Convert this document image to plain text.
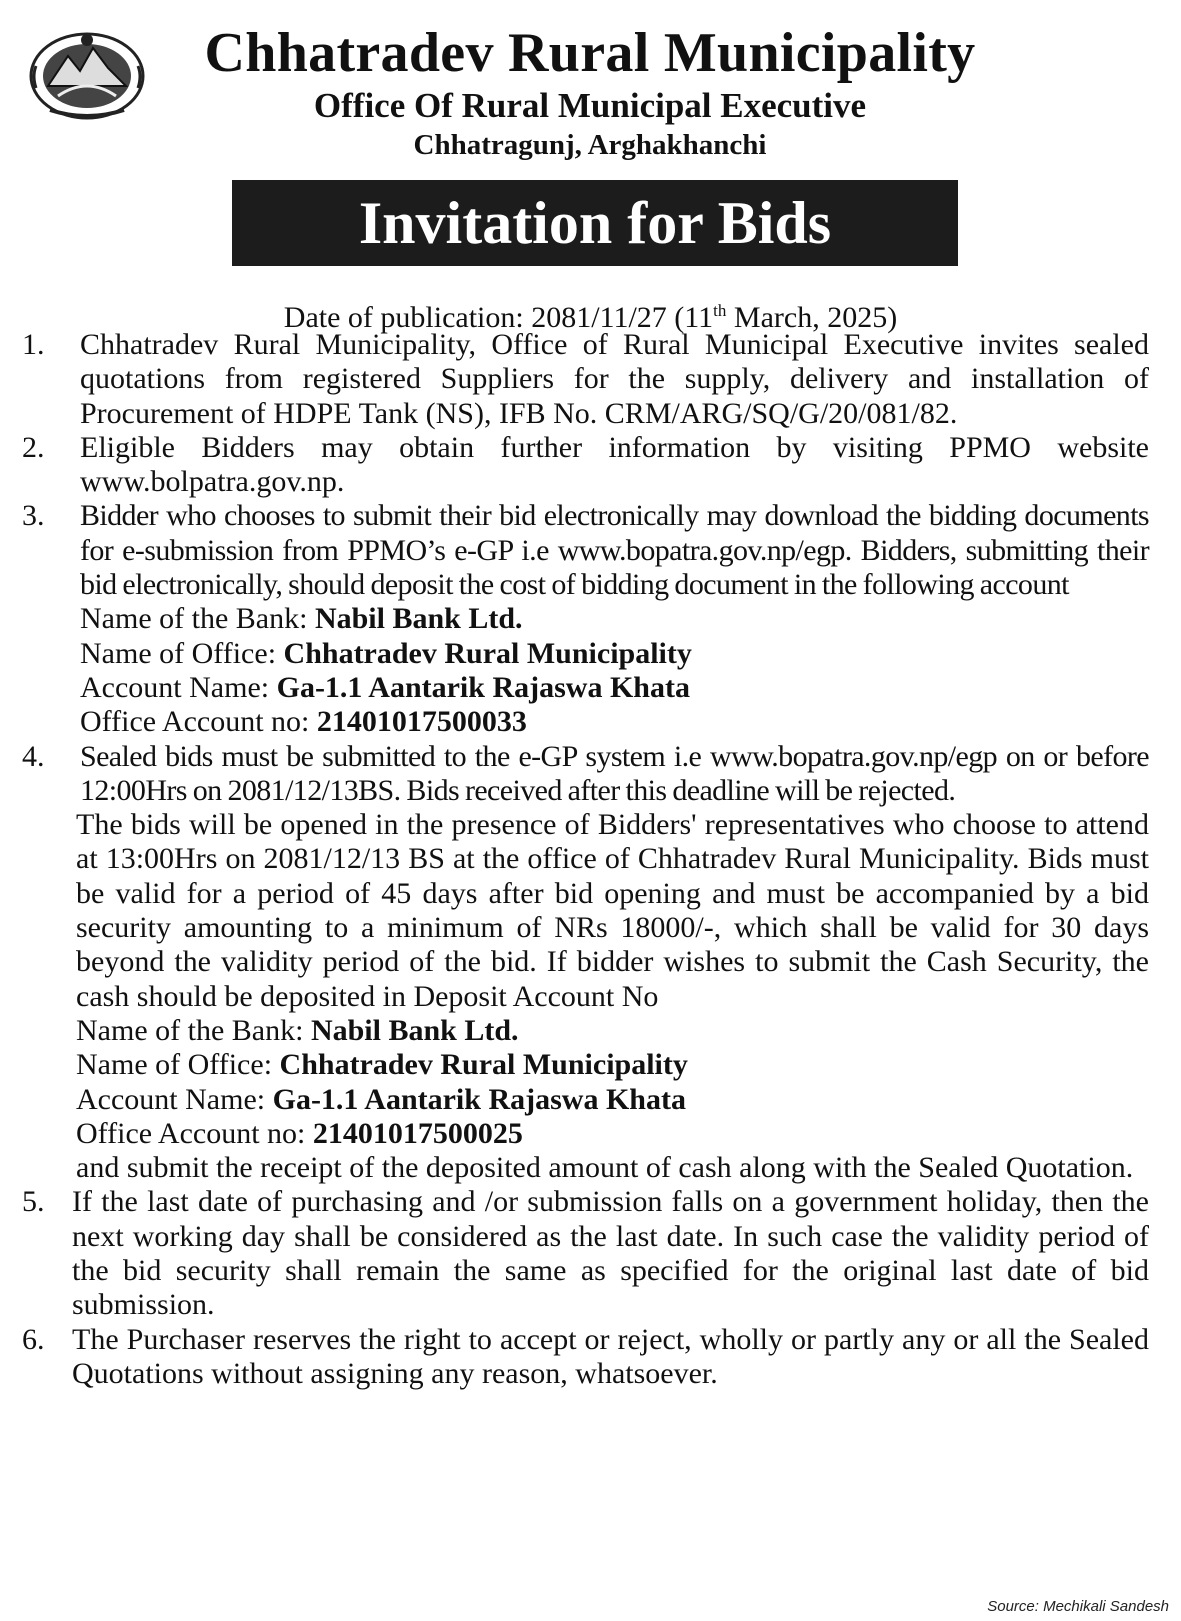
Chhatradev Rural Municipality
Office Of Rural Municipal Executive
Chhatragunj, Arghakhanchi
Invitation for Bids
Date of publication: 2081/11/27 (11th March, 2025)
1. Chhatradev Rural Municipality, Office of Rural Municipal Executive invites sealed quotations from registered Suppliers for the supply, delivery and installation of Procurement of HDPE Tank (NS), IFB No. CRM/ARG/SQ/G/20/081/82.

2. Eligible Bidders may obtain further information by visiting PPMO website www.bolpatra.gov.np.

3. Bidder who chooses to submit their bid electronically may download the bidding documents for e-submission from PPMO’s e-GP i.e www.bopatra.gov.np/egp. Bidders, submitting their bid electronically, should deposit the cost of bidding document in the following account

Name of the Bank: Nabil Bank Ltd.

Name of Office: Chhatradev Rural Municipality

Account Name: Ga-1.1 Aantarik Rajaswa Khata

Office Account no: 21401017500033

4. Sealed bids must be submitted to the e-GP system i.e www.bopatra.gov.np/egp on or before 12:00Hrs on 2081/12/13BS. Bids received after this deadline will be rejected.

The bids will be opened in the presence of Bidders' representatives who choose to attend at 13:00Hrs on 2081/12/13 BS at the office of Chhatradev Rural Municipality. Bids must be valid for a period of 45 days after bid opening and must be accompanied by a bid security amounting to a minimum of NRs 18000/-, which shall be valid for 30 days beyond the validity period of the bid. If bidder wishes to submit the Cash Security, the cash should be deposited in Deposit Account No

Name of the Bank: Nabil Bank Ltd.

Name of Office: Chhatradev Rural Municipality

Account Name: Ga-1.1 Aantarik Rajaswa Khata

Office Account no: 21401017500025

and submit the receipt of the deposited amount of cash along with the Sealed Quotation.

5. If the last date of purchasing and /or submission falls on a government holiday, then the next working day shall be considered as the last date. In such case the validity period of the bid security shall remain the same as specified for the original last date of bid submission.

6. The Purchaser reserves the right to accept or reject, wholly or partly any or all the Sealed Quotations without assigning any reason, whatsoever.

Source: Mechikali Sandesh
